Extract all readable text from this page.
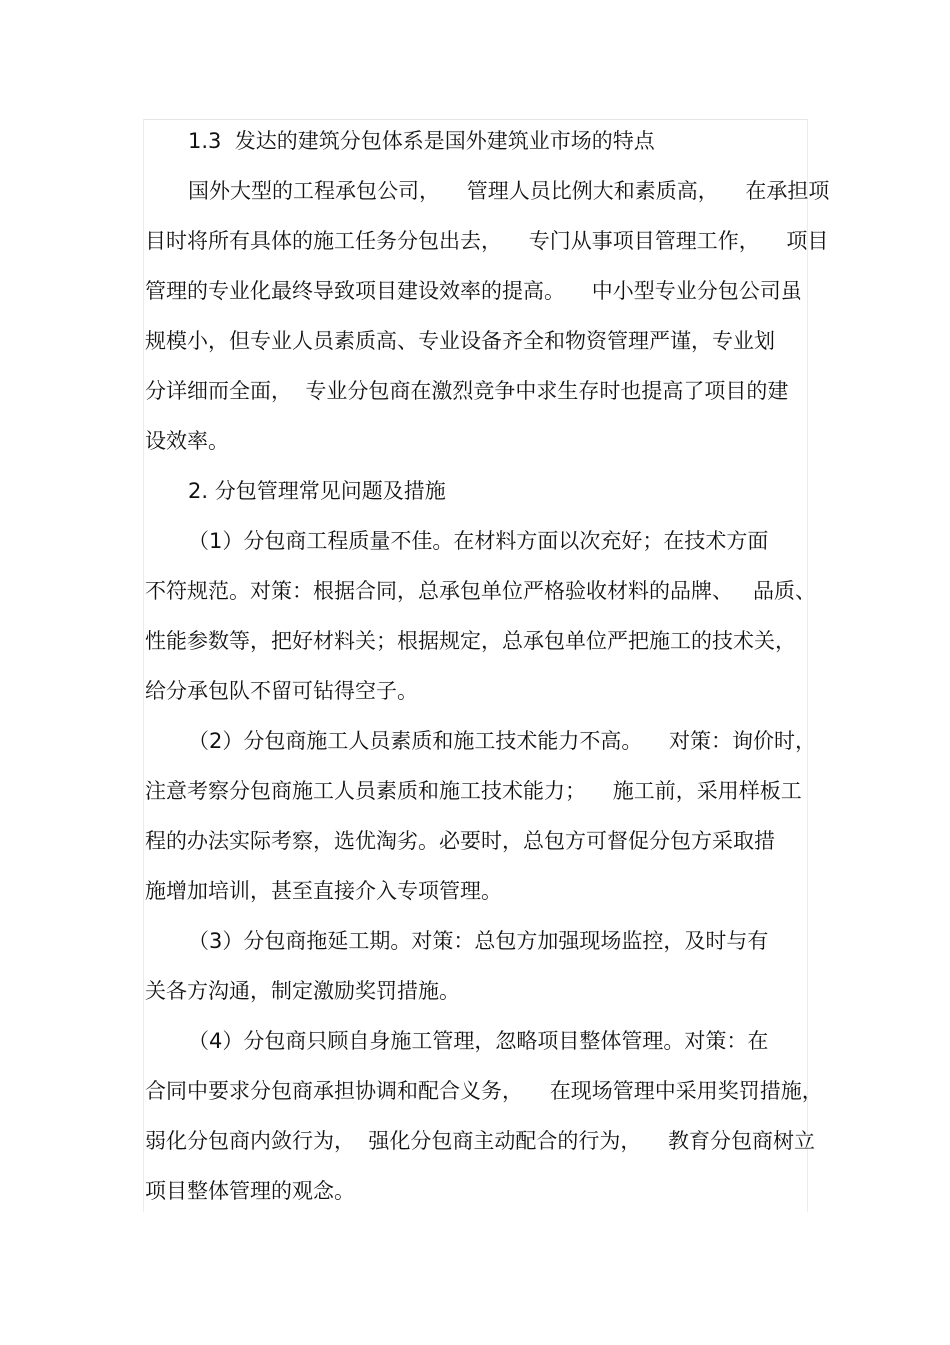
1.3  发达的建筑分包体系是国外建筑业市场的特点
国外大型的工程承包公司，    管理人员比例大和素质高，    在承担项
目时将所有具体的施工任务分包出去，    专门从事项目管理工作，    项目
管理的专业化最终导致项目建设效率的提高。    中小型专业分包公司虽
规模小，但专业人员素质高、专业设备齐全和物资管理严谨，专业划
分详细而全面，  专业分包商在激烈竞争中求生存时也提高了项目的建
设效率。
2. 分包管理常见问题及措施
（1）分包商工程质量不佳。在材料方面以次充好；在技术方面
不符规范。对策：根据合同，总承包单位严格验收材料的品牌、   品质、
性能参数等，把好材料关；根据规定，总承包单位严把施工的技术关，
给分承包队不留可钻得空子。
（2）分包商施工人员素质和施工技术能力不高。    对策：询价时，
注意考察分包商施工人员素质和施工技术能力；    施工前，采用样板工
程的办法实际考察，选优淘劣。必要时，总包方可督促分包方采取措
施增加培训，甚至直接介入专项管理。
（3）分包商拖延工期。对策：总包方加强现场监控，及时与有
关各方沟通，制定激励奖罚措施。
（4）分包商只顾自身施工管理，忽略项目整体管理。对策：在
合同中要求分包商承担协调和配合义务，    在现场管理中采用奖罚措施，
弱化分包商内敛行为，  强化分包商主动配合的行为，    教育分包商树立
项目整体管理的观念。
